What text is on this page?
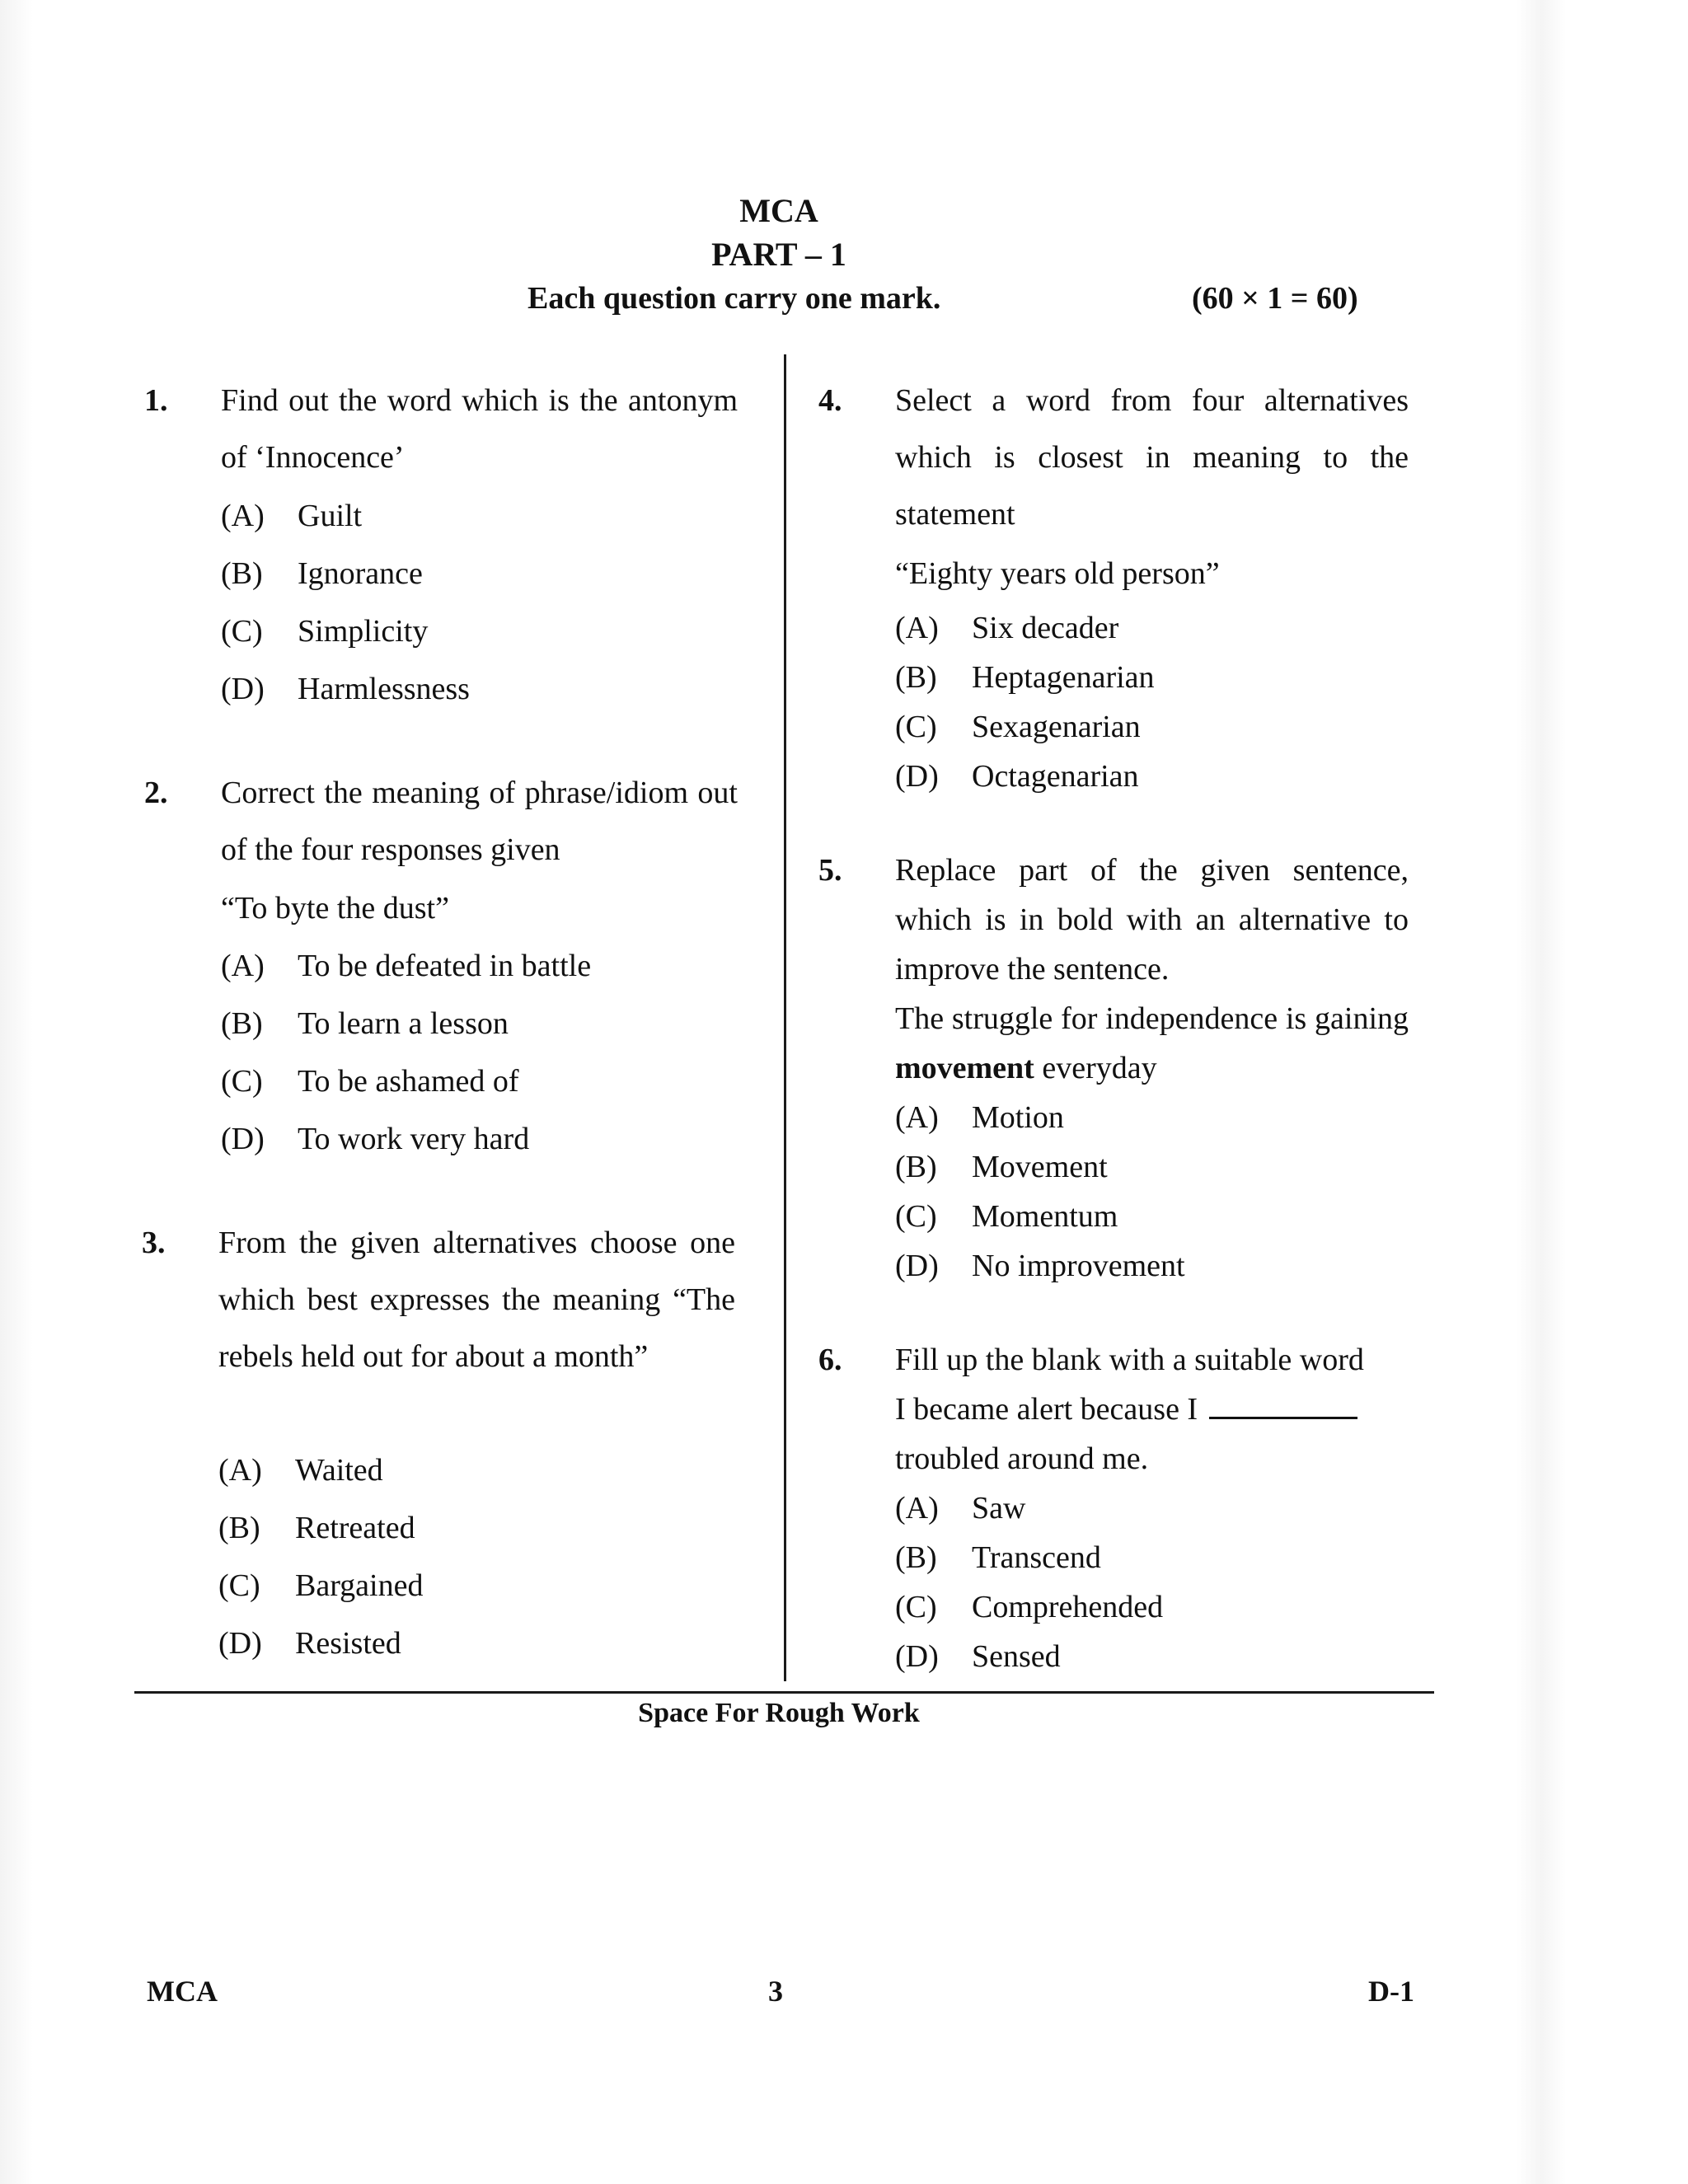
MCA
PART – 1
Each question carry one mark.	(60 × 1 = 60)
1. Find out the word which is the antonym of ‘Innocence’
(A) Guilt
(B) Ignorance
(C) Simplicity
(D) Harmlessness
2. Correct the meaning of phrase/idiom out of the four responses given
“To byte the dust”
(A) To be defeated in battle
(B) To learn a lesson
(C) To be ashamed of
(D) To work very hard
3. From the given alternatives choose one which best expresses the meaning “The rebels held out for about a month”
(A) Waited
(B) Retreated
(C) Bargained
(D) Resisted
4. Select a word from four alternatives which is closest in meaning to the statement
“Eighty years old person”
(A) Six decader
(B) Heptagenarian
(C) Sexagenarian
(D) Octagenarian
5. Replace part of the given sentence, which is in bold with an alternative to improve the sentence.
The struggle for independence is gaining movement everyday
(A) Motion
(B) Movement
(C) Momentum
(D) No improvement
6. Fill up the blank with a suitable word
I became alert because I
troubled around me.
(A) Saw
(B) Transcend
(C) Comprehended
(D) Sensed
Space For Rough Work
MCA	3	D-1
